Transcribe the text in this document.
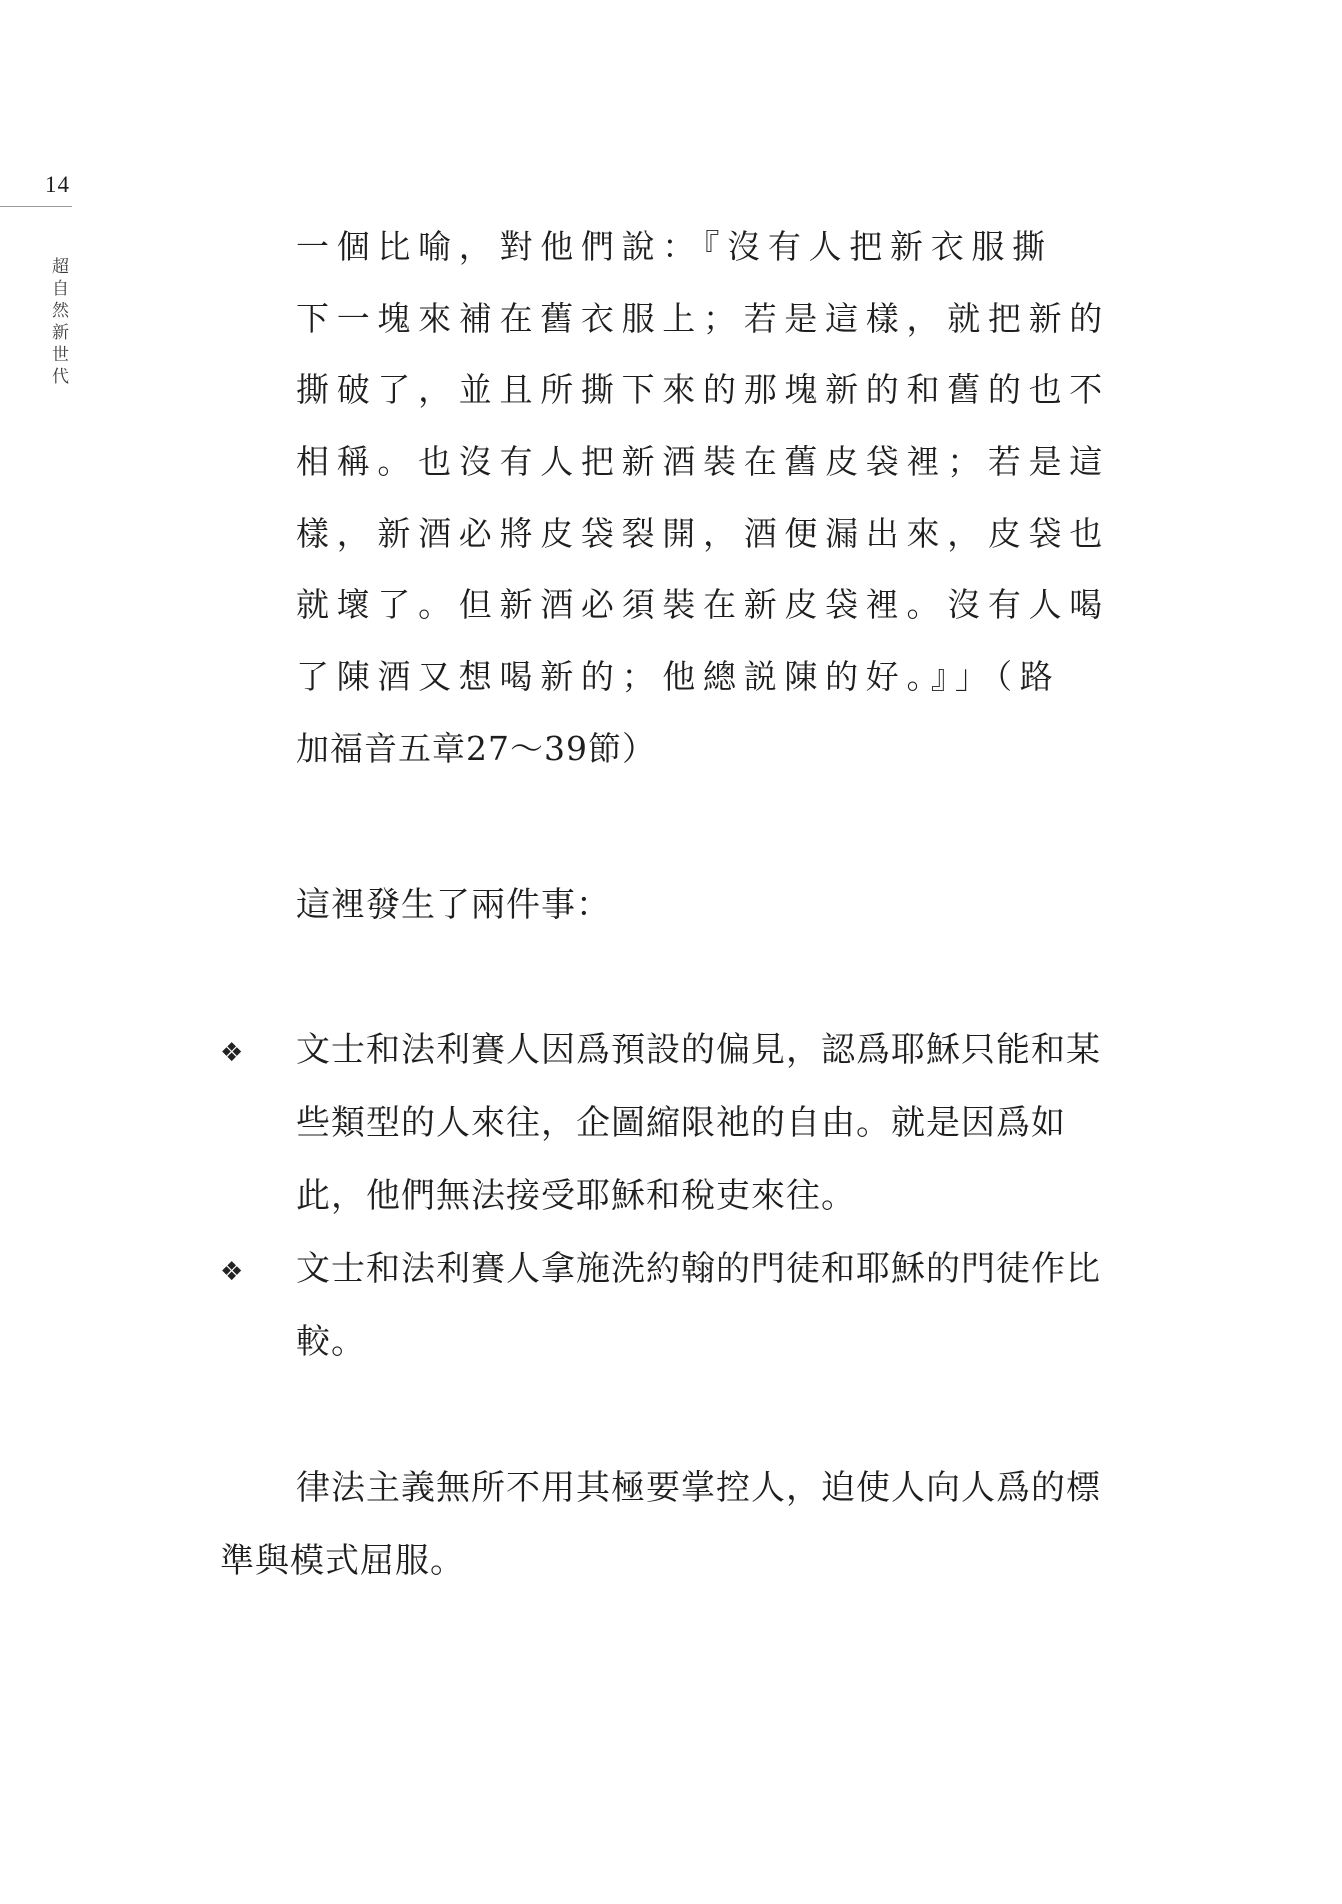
14
超自然新世代
一個比喻，對他們說：『沒有人把新衣服撕
下一塊來補在舊衣服上；若是這樣，就把新的
撕破了，並且所撕下來的那塊新的和舊的也不
相稱。也沒有人把新酒裝在舊皮袋裡；若是這
樣，新酒必將皮袋裂開，酒便漏出來，皮袋也
就壞了。但新酒必須裝在新皮袋裡。沒有人喝
了陳酒又想喝新的；他總説陳的好。』」（路
加福音五章27～39節）
這裡發生了兩件事：
❖ 文士和法利賽人因爲預設的偏見，認爲耶穌只能和某
些類型的人來往，企圖縮限祂的自由。就是因爲如
此，他們無法接受耶穌和稅吏來往。
❖ 文士和法利賽人拿施洗約翰的門徒和耶穌的門徒作比
較。
律法主義無所不用其極要掌控人，迫使人向人爲的標
準與模式屈服。
